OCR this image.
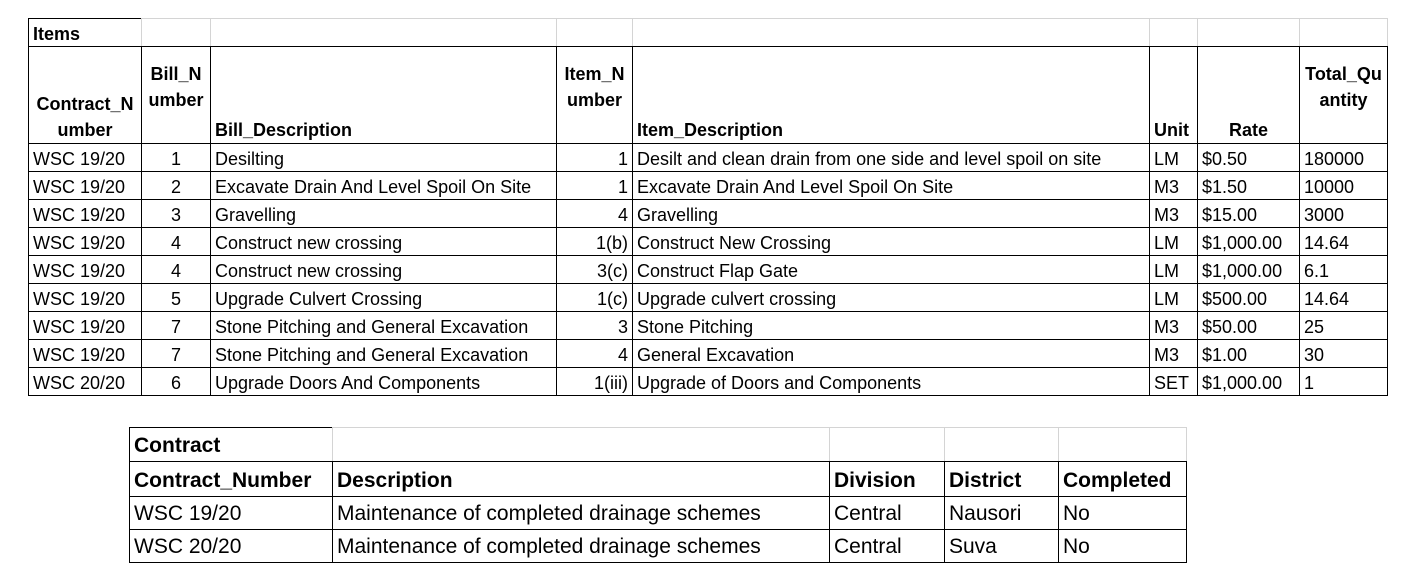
Items							
Contract_Number	Bill_Number	Bill_Description	Item_Number	Item_Description	Unit	Rate	Total_Quantity
WSC 19/20	1	Desilting	1	Desilt and clean drain from one side and level spoil on site	LM	$0.50	180000
WSC 19/20	2	Excavate Drain And Level Spoil On Site	1	Excavate Drain And Level Spoil On Site	M3	$1.50	10000
WSC 19/20	3	Gravelling	4	Gravelling	M3	$15.00	3000
WSC 19/20	4	Construct new crossing	1(b)	Construct New Crossing	LM	$1,000.00	14.64
WSC 19/20	4	Construct new crossing	3(c)	Construct Flap Gate	LM	$1,000.00	6.1
WSC 19/20	5	Upgrade Culvert Crossing	1(c)	Upgrade culvert crossing	LM	$500.00	14.64
WSC 19/20	7	Stone Pitching and General Excavation	3	Stone Pitching	M3	$50.00	25
WSC 19/20	7	Stone Pitching and General Excavation	4	General Excavation	M3	$1.00	30
WSC 20/20	6	Upgrade Doors And Components	1(iii)	Upgrade of Doors and Components	SET	$1,000.00	1
Contract				
Contract_Number	Description	Division	District	Completed
WSC 19/20	Maintenance of completed drainage schemes	Central	Nausori	No
WSC 20/20	Maintenance of completed drainage schemes	Central	Suva	No
